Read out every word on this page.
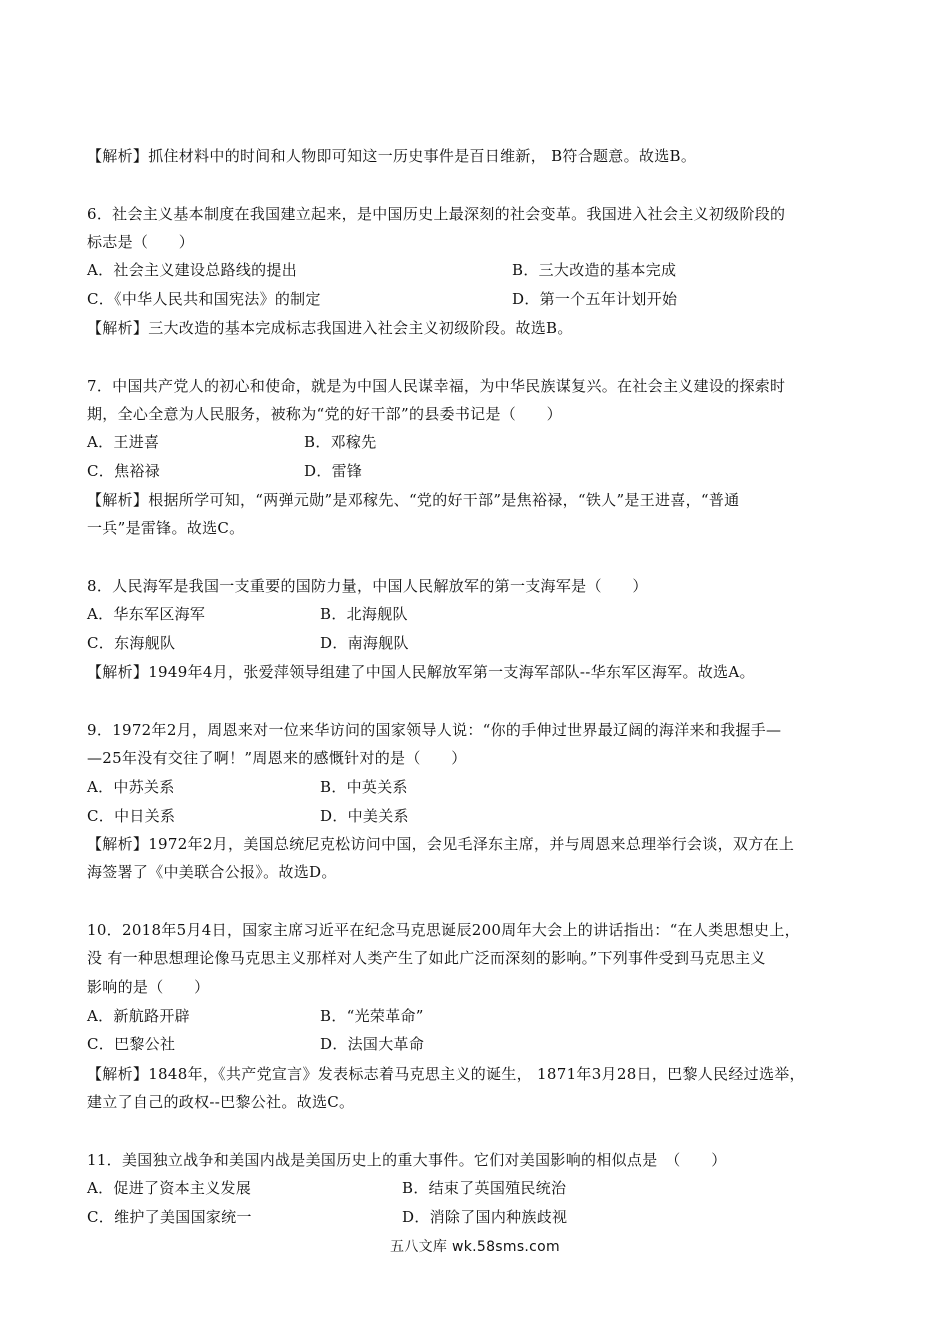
【解析】抓住材料中的时间和人物即可知这一历史事件是百日维新， B符合题意。故选B。
6．社会主义基本制度在我国建立起来，是中国历史上最深刻的社会变革。我国进入社会主义初级阶段的
标志是（　　）
A．社会主义建设总路线的提出	B．三大改造的基本完成
C．《中华人民共和国宪法》的制定	D．第一个五年计划开始
【解析】三大改造的基本完成标志我国进入社会主义初级阶段。故选B。
7．中国共产党人的初心和使命，就是为中国人民谋幸福，为中华民族谋复兴。在社会主义建设的探索时
期，全心全意为人民服务，被称为“党的好干部”的县委书记是（　　）
A．王进喜	B．邓稼先
C．焦裕禄	D．雷锋
【解析】根据所学可知，“两弹元勋”是邓稼先、“党的好干部”是焦裕禄，“铁人”是王进喜，“普通
一兵”是雷锋。故选C。
8．人民海军是我国一支重要的国防力量，中国人民解放军的第一支海军是（　　）
A．华东军区海军	B．北海舰队
C．东海舰队	D．南海舰队
【解析】1949年4月，张爱萍领导组建了中国人民解放军第一支海军部队--华东军区海军。故选A。
9．1972年2月，周恩来对一位来华访问的国家领导人说：“你的手伸过世界最辽阔的海洋来和我握手—
—25年没有交往了啊！”周恩来的感慨针对的是（　　）
A．中苏关系	B．中英关系
C．中日关系	D．中美关系
【解析】1972年2月，美国总统尼克松访问中国，会见毛泽东主席，并与周恩来总理举行会谈，双方在上
海签署了《中美联合公报》。故选D。
10．2018年5月4日，国家主席习近平在纪念马克思诞辰200周年大会上的讲话指出：“在人类思想史上，
没 有一种思想理论像马克思主义那样对人类产生了如此广泛而深刻的影响。”下列事件受到马克思主义
影响的是（　　）
A．新航路开辟	B．“光荣革命”
C．巴黎公社	D．法国大革命
【解析】1848年，《共产党宣言》发表标志着马克思主义的诞生， 1871年3月28日，巴黎人民经过选举，
建立了自己的政权--巴黎公社。故选C。
11．美国独立战争和美国内战是美国历史上的重大事件。它们对美国影响的相似点是　（　　）
A．促进了资本主义发展	B．结束了英国殖民统治
C．维护了美国国家统一	D．消除了国内种族歧视
五八文库 wk.58sms.com
